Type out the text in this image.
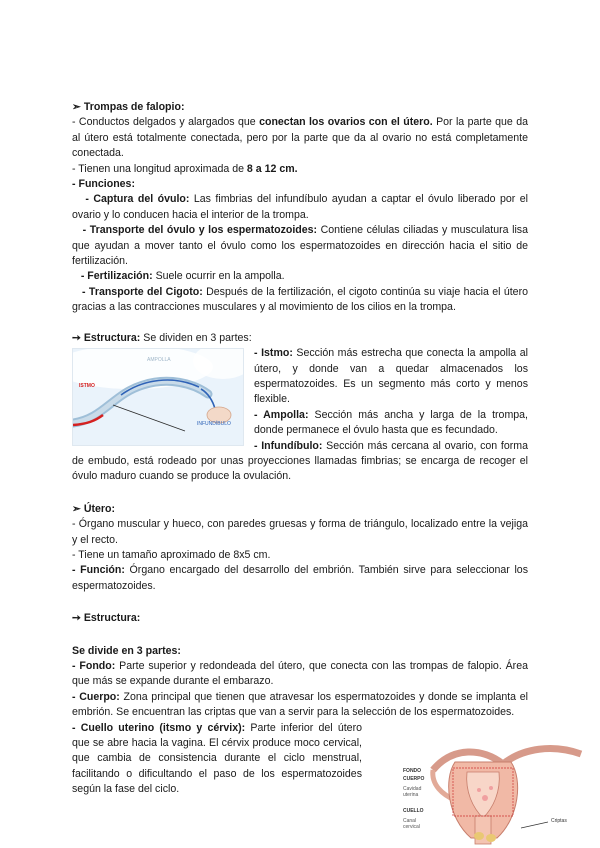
➣ Trompas de falopio:

- Conductos delgados y alargados que conectan los ovarios con el útero. Por la parte que da al útero está totalmente conectada, pero por la parte que da al ovario no está completamente conectada.

- Tienen una longitud aproximada de 8 a 12 cm.

- Funciones:

- Captura del óvulo: Las fimbrias del infundíbulo ayudan a captar el óvulo liberado por el ovario y lo conducen hacia el interior de la trompa.

- Transporte del óvulo y los espermatozoides: Contiene células ciliadas y musculatura lisa que ayudan a mover tanto el óvulo como los espermatozoides en dirección hacia el sitio de fertilización.

- Fertilización: Suele ocurrir en la ampolla.

- Transporte del Cigoto: Después de la fertilización, el cigoto continúa su viaje hacia el útero gracias a las contracciones musculares y al movimiento de los cilios en la trompa.

➙ Estructura: Se dividen en 3 partes:

AMPOLLA
ISTMO
INFUNDÍBULO

- Istmo: Sección más estrecha que conecta la ampolla al útero, y donde van a quedar almacenados los espermatozoides. Es un segmento más corto y menos flexible.

- Ampolla: Sección más ancha y larga de la trompa, donde permanece el óvulo hasta que es fecundado.

- Infundíbulo: Sección más cercana al ovario, con forma de embudo, está rodeado por unas proyecciones llamadas fimbrias; se encarga de recoger el óvulo maduro cuando se produce la ovulación.

➣ Útero:

- Órgano muscular y hueco, con paredes gruesas y forma de triángulo, localizado entre la vejiga y el recto.

- Tiene un tamaño aproximado de 8x5 cm.

- Función: Órgano encargado del desarrollo del embrión. También sirve para seleccionar los espermatozoides.

➙ Estructura:

Se divide en 3 partes:

- Fondo: Parte superior y redondeada del útero, que conecta con las trompas de falopio. Área que más se expande durante el embarazo.

- Cuerpo: Zona principal que tienen que atravesar los espermatozoides y donde se implanta el embrión. Se encuentran las criptas que van a servir para la selección de los espermatozoides.

- Cuello uterino (itsmo y cérvix): Parte inferior del útero que se abre hacia la vagina. El cérvix produce moco cervical, que cambia de consistencia durante el ciclo menstrual, facilitando o dificultando el paso de los espermatozoides según la fase del ciclo.

FONDO
CUERPO
Cavidad uterina
CUELLO
Canal cervical
Criptas
